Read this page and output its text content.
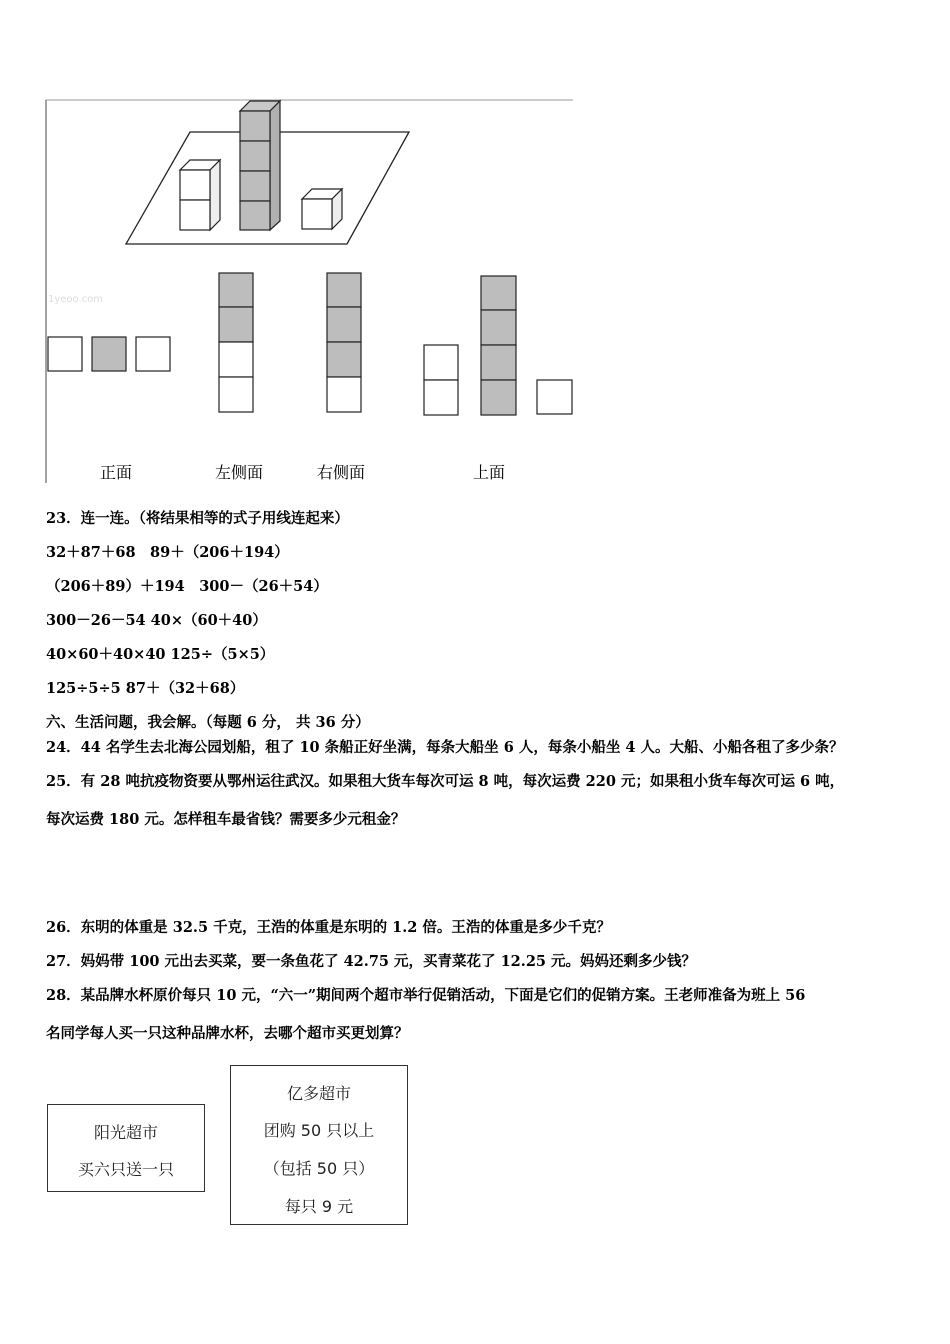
1yeoo.com
正面	左侧面	右侧面	上面
23．连一连。（将结果相等的式子用线连起来）
32＋87＋68　89＋（206＋194）
（206＋89）＋194　300－（26＋54）
300－26－54 40×（60＋40）
40×60＋40×40 125÷（5×5）
125÷5÷5 87＋（32＋68）
六、生活问题，我会解。（每题 6 分， 共 36 分）
24．44 名学生去北海公园划船，租了 10 条船正好坐满，每条大船坐 6 人，每条小船坐 4 人。大船、小船各租了多少条？
25．有 28 吨抗疫物资要从鄂州运往武汉。如果租大货车每次可运 8 吨，每次运费 220 元；如果租小货车每次可运 6 吨，
每次运费 180 元。怎样租车最省钱？需要多少元租金？
26．东明的体重是 32.5 千克，王浩的体重是东明的 1.2 倍。王浩的体重是多少千克？
27．妈妈带 100 元出去买菜，要一条鱼花了 42.75 元，买青菜花了 12.25 元。妈妈还剩多少钱？
28．某品牌水杯原价每只 10 元，“六一”期间两个超市举行促销活动，下面是它们的促销方案。王老师准备为班上 56
名同学每人买一只这种品牌水杯，去哪个超市买更划算？
阳光超市
买六只送一只
亿多超市
团购 50 只以上
（包括 50 只）
每只 9 元
